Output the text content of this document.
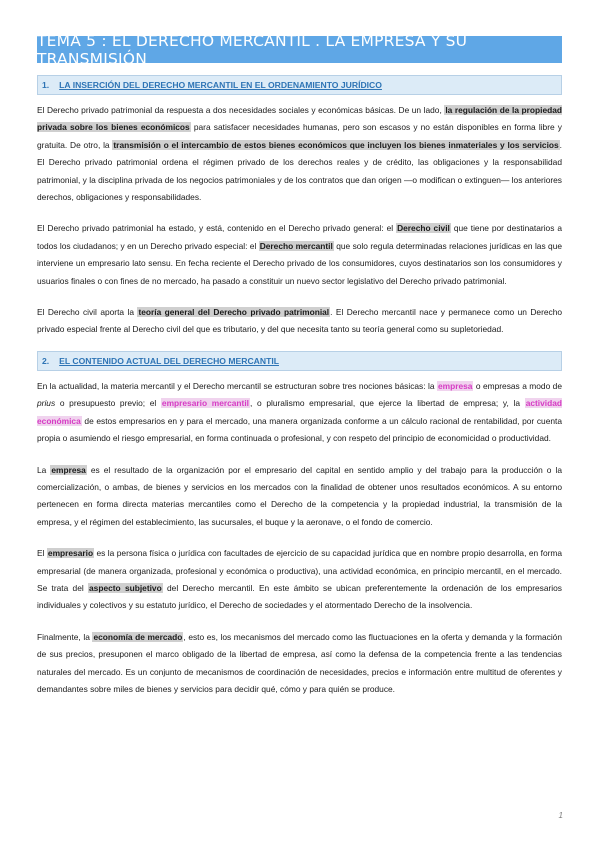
TEMA 5 : EL DERECHO MERCANTIL . LA EMPRESA Y SU TRANSMISIÓN
1. LA INSERCIÓN DEL DERECHO MERCANTIL EN EL ORDENAMIENTO JURÍDICO

El Derecho privado patrimonial da respuesta a dos necesidades sociales y económicas básicas. De un lado, la regulación de la propiedad privada sobre los bienes económicos para satisfacer necesidades humanas, pero son escasos y no están disponibles en forma libre y gratuita. De otro, la transmisión o el intercambio de estos bienes económicos que incluyen los bienes inmateriales y los servicios. El Derecho privado patrimonial ordena el régimen privado de los derechos reales y de crédito, las obligaciones y la responsabilidad patrimonial, y la disciplina privada de los negocios patrimoniales y de los contratos que dan origen —o modifican o extinguen— los anteriores derechos, obligaciones y responsabilidades.

El Derecho privado patrimonial ha estado, y está, contenido en el Derecho privado general: el Derecho civil que tiene por destinatarios a todos los ciudadanos; y en un Derecho privado especial: el Derecho mercantil que solo regula determinadas relaciones jurídicas en las que interviene un empresario lato sensu. En fecha reciente el Derecho privado de los consumidores, cuyos destinatarios son los consumidores y usuarios finales o con fines de no mercado, ha pasado a constituir un nuevo sector legislativo del Derecho privado patrimonial.

El Derecho civil aporta la teoría general del Derecho privado patrimonial. El Derecho mercantil nace y permanece como un Derecho privado especial frente al Derecho civil del que es tributario, y del que necesita tanto su teoría general como su supletoriedad.

2. EL CONTENIDO ACTUAL DEL DERECHO MERCANTIL

En la actualidad, la materia mercantil y el Derecho mercantil se estructuran sobre tres nociones básicas: la empresa o empresas a modo de prius o presupuesto previo; el empresario mercantil, o pluralismo empresarial, que ejerce la libertad de empresa; y, la actividad económica de estos empresarios en y para el mercado, una manera organizada conforme a un cálculo racional de rentabilidad, por cuenta propia o asumiendo el riesgo empresarial, en forma continuada o profesional, y con respeto del principio de economicidad o productividad.

La empresa es el resultado de la organización por el empresario del capital en sentido amplio y del trabajo para la producción o la comercialización, o ambas, de bienes y servicios en los mercados con la finalidad de obtener unos resultados económicos. A su entorno pertenecen en forma directa materias mercantiles como el Derecho de la competencia y la propiedad industrial, la transmisión de la empresa, y el régimen del establecimiento, las sucursales, el buque y la aeronave, o el fondo de comercio.

El empresario es la persona física o jurídica con facultades de ejercicio de su capacidad jurídica que en nombre propio desarrolla, en forma empresarial (de manera organizada, profesional y económica o productiva), una actividad económica, en principio mercantil, en el mercado. Se trata del aspecto subjetivo del Derecho mercantil. En este ámbito se ubican preferentemente la ordenación de los empresarios individuales y colectivos y su estatuto jurídico, el Derecho de sociedades y el atormentado Derecho de la insolvencia.

Finalmente, la economía de mercado, esto es, los mecanismos del mercado como las fluctuaciones en la oferta y demanda y la formación de sus precios, presuponen el marco obligado de la libertad de empresa, así como la defensa de la competencia frente a las tendencias naturales del mercado. Es un conjunto de mecanismos de coordinación de necesidades, precios e información entre multitud de oferentes y demandantes sobre miles de bienes y servicios para decidir qué, cómo y para quién se produce.

1
